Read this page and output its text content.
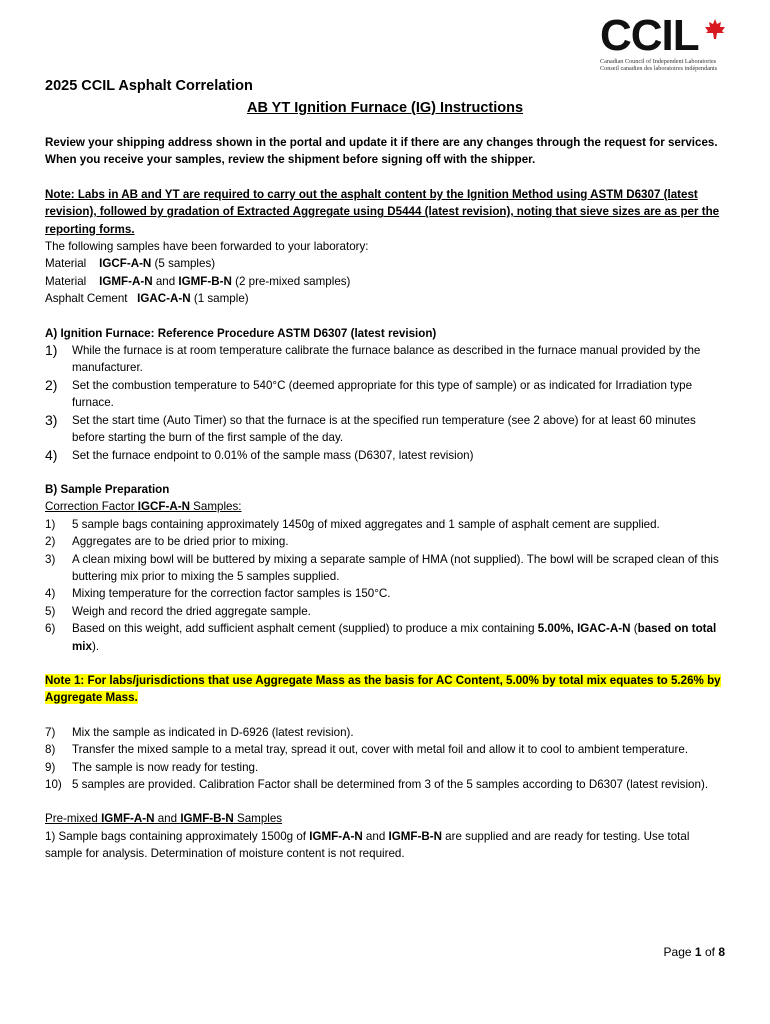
CCIL
Canadian Council of Independent Laboratories
Conseil canadien des laboratoires indépendants
2025 CCIL Asphalt Correlation
AB YT Ignition Furnace (IG) Instructions

Review your shipping address shown in the portal and update it if there are any changes through the request for services.

When you receive your samples, review the shipment before signing off with the shipper.

Note: Labs in AB and YT are required to carry out the asphalt content by the Ignition Method using ASTM D6307 (latest revision), followed by gradation of Extracted Aggregate using D5444 (latest revision), noting that sieve sizes are as per the reporting forms.

The following samples have been forwarded to your laboratory:

Material IGCF-A-N (5 samples)

Material IGMF-A-N and IGMF-B-N (2 pre-mixed samples)

Asphalt Cement IGAC-A-N (1 sample)

A) Ignition Furnace: Reference Procedure ASTM D6307 (latest revision)

1)	While the furnace is at room temperature calibrate the furnace balance as described in the furnace manual provided by the manufacturer.
2)	Set the combustion temperature to 540°C (deemed appropriate for this type of sample) or as indicated for Irradiation type furnace.
3)	Set the start time (Auto Timer) so that the furnace is at the specified run temperature (see 2 above) for at least 60 minutes before starting the burn of the first sample of the day.
4)	Set the furnace endpoint to 0.01% of the sample mass (D6307, latest revision)

B) Sample Preparation

Correction Factor IGCF-A-N Samples:

1)	5 sample bags containing approximately 1450g of mixed aggregates and 1 sample of asphalt cement are supplied.
2)	Aggregates are to be dried prior to mixing.
3)	A clean mixing bowl will be buttered by mixing a separate sample of HMA (not supplied). The bowl will be scraped clean of this buttering mix prior to mixing the 5 samples supplied.
4)	Mixing temperature for the correction factor samples is 150°C.
5)	Weigh and record the dried aggregate sample.
6)	Based on this weight, add sufficient asphalt cement (supplied) to produce a mix containing 5.00%, IGAC-A-N (based on total mix).

Note 1: For labs/jurisdictions that use Aggregate Mass as the basis for AC Content, 5.00% by total mix equates to 5.26% by Aggregate Mass.

7)	Mix the sample as indicated in D-6926 (latest revision).
8)	Transfer the mixed sample to a metal tray, spread it out, cover with metal foil and allow it to cool to ambient temperature.
9)	The sample is now ready for testing.
10) 5 samples are provided. Calibration Factor shall be determined from 3 of the 5 samples according to D6307 (latest revision).

Pre-mixed IGMF-A-N and IGMF-B-N Samples

1) Sample bags containing approximately 1500g of IGMF-A-N and IGMF-B-N are supplied and are ready for testing. Use total sample for analysis. Determination of moisture content is not required.

Page 1 of 8
